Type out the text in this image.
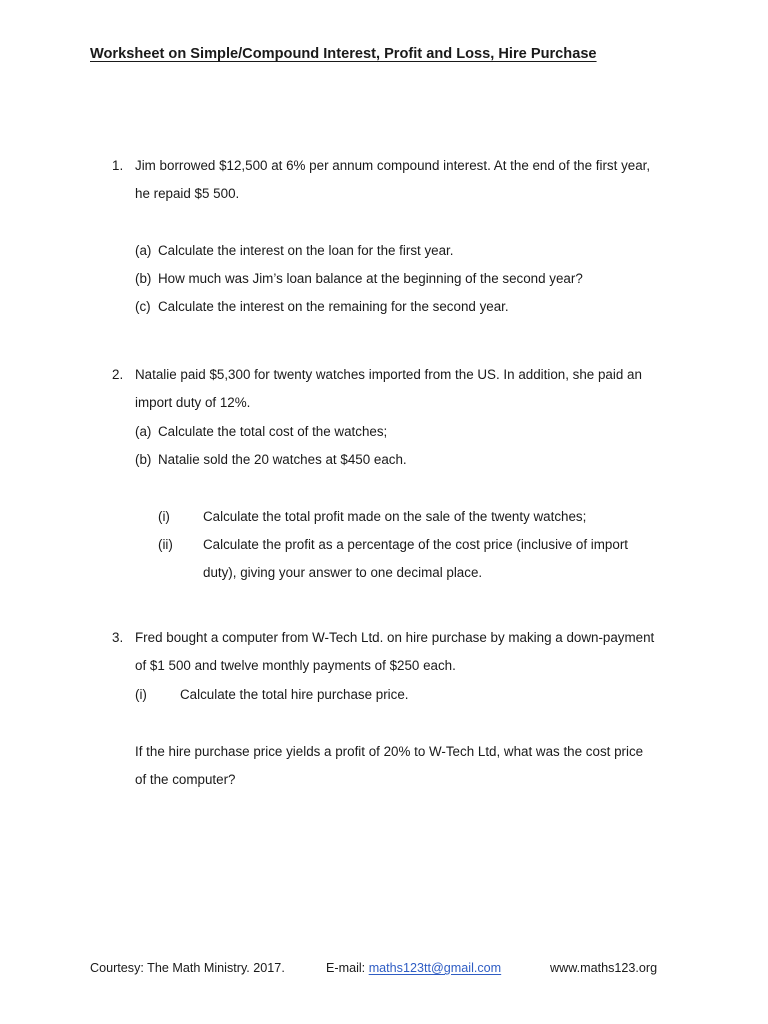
Worksheet on Simple/Compound Interest, Profit and Loss, Hire Purchase
1. Jim borrowed $12,500 at 6% per annum compound interest. At the end of the first year,
he repaid $5 500.
(a) Calculate the interest on the loan for the first year.
(b) How much was Jim’s loan balance at the beginning of the second year?
(c) Calculate the interest on the remaining for the second year.
2. Natalie paid $5,300 for twenty watches imported from the US. In addition, she paid an
import duty of 12%.
(a) Calculate the total cost of the watches;
(b) Natalie sold the 20 watches at $450 each.
(i) Calculate the total profit made on the sale of the twenty watches;
(ii) Calculate the profit as a percentage of the cost price (inclusive of import
duty), giving your answer to one decimal place.
3. Fred bought a computer from W-Tech Ltd. on hire purchase by making a down-payment
of $1 500 and twelve monthly payments of $250 each.
(i) Calculate the total hire purchase price.
If the hire purchase price yields a profit of 20% to W-Tech Ltd, what was the cost price
of the computer?
Courtesy: The Math Ministry. 2017.	E-mail: maths123tt@gmail.com	www.maths123.org
